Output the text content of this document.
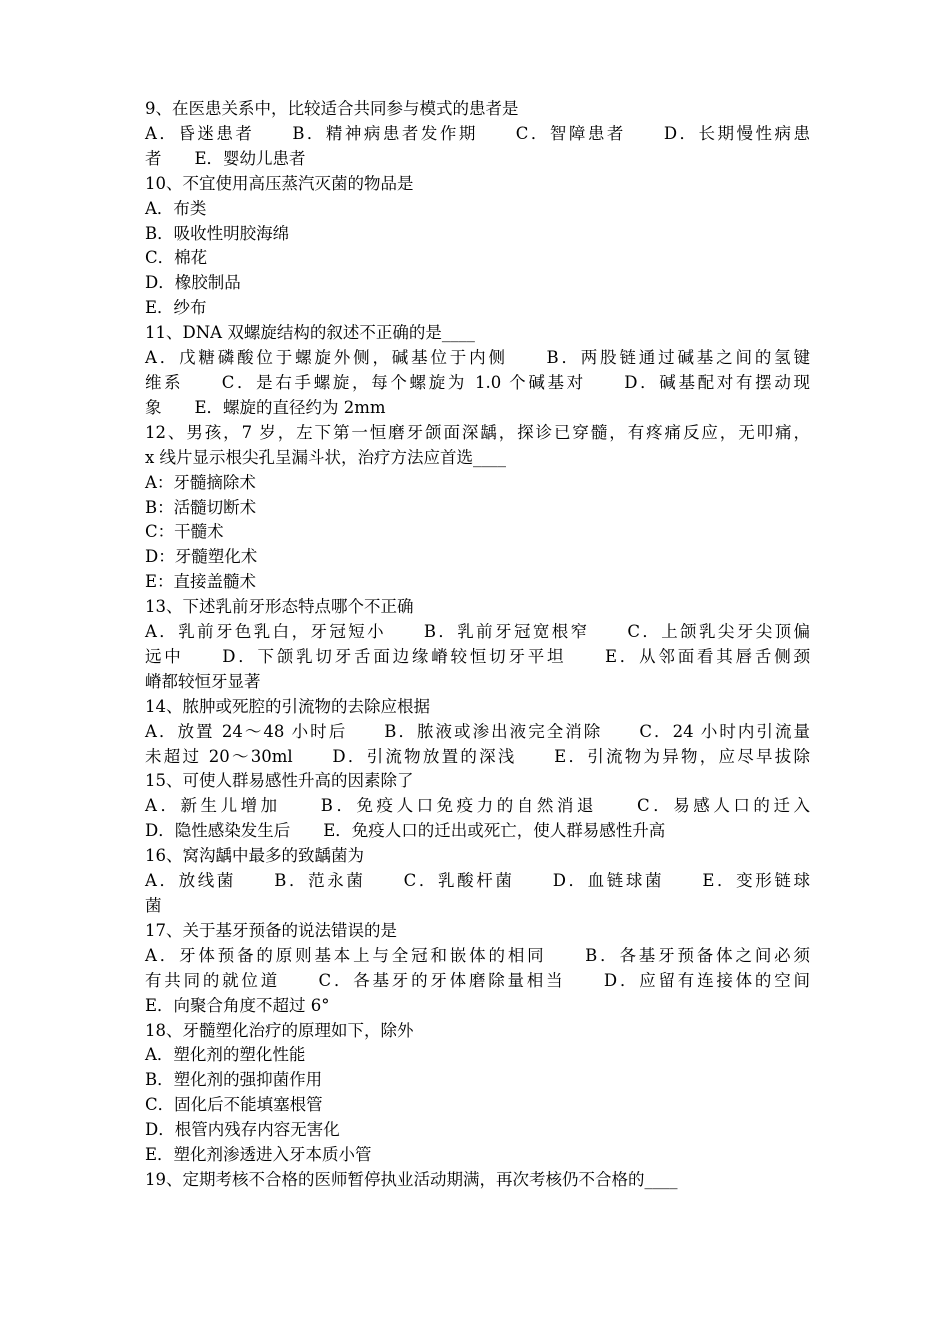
9、在医患关系中，比较适合共同参与模式的患者是
A．昏迷患者　　B．精神病患者发作期　　C．智障患者　　D．长期慢性病患
者　　E．婴幼儿患者
10、不宜使用高压蒸汽灭菌的物品是
A．布类
B．吸收性明胶海绵
C．棉花
D．橡胶制品
E．纱布
11、DNA 双螺旋结构的叙述不正确的是____
A．戊糖磷酸位于螺旋外侧，碱基位于内侧　　B．两股链通过碱基之间的氢键
维系　　C．是右手螺旋，每个螺旋为 1.0 个碱基对　　D．碱基配对有摆动现
象　　E．螺旋的直径约为 2mm
12、男孩，7 岁，左下第一恒磨牙颌面深龋，探诊已穿髓，有疼痛反应，无叩痛，
x 线片显示根尖孔呈漏斗状，治疗方法应首选____
A：牙髓摘除术
B：活髓切断术
C：干髓术
D：牙髓塑化术
E：直接盖髓术
13、下述乳前牙形态特点哪个不正确
A．乳前牙色乳白，牙冠短小　　B．乳前牙冠宽根窄　　C．上颌乳尖牙尖顶偏
远中　　D．下颌乳切牙舌面边缘嵴较恒切牙平坦　　E．从邻面看其唇舌侧颈
嵴都较恒牙显著
14、脓肿或死腔的引流物的去除应根据
A．放置 24～48 小时后　　B．脓液或渗出液完全消除　　C．24 小时内引流量
未超过 20～30ml　　D．引流物放置的深浅　　E．引流物为异物，应尽早拔除
15、可使人群易感性升高的因素除了
A．新生儿增加　　B．免疫人口免疫力的自然消退　　C．易感人口的迁入
D．隐性感染发生后　　E．免疫人口的迁出或死亡，使人群易感性升高
16、窝沟龋中最多的致龋菌为
A．放线菌　　B．范永菌　　C．乳酸杆菌　　D．血链球菌　　E．变形链球
菌
17、关于基牙预备的说法错误的是
A．牙体预备的原则基本上与全冠和嵌体的相同　　B．各基牙预备体之间必须
有共同的就位道　　C．各基牙的牙体磨除量相当　　D．应留有连接体的空间
E．向聚合角度不超过 6°
18、牙髓塑化治疗的原理如下，除外
A．塑化剂的塑化性能
B．塑化剂的强抑菌作用
C．固化后不能填塞根管
D．根管内残存内容无害化
E．塑化剂渗透进入牙本质小管
19、定期考核不合格的医师暂停执业活动期满，再次考核仍不合格的____
